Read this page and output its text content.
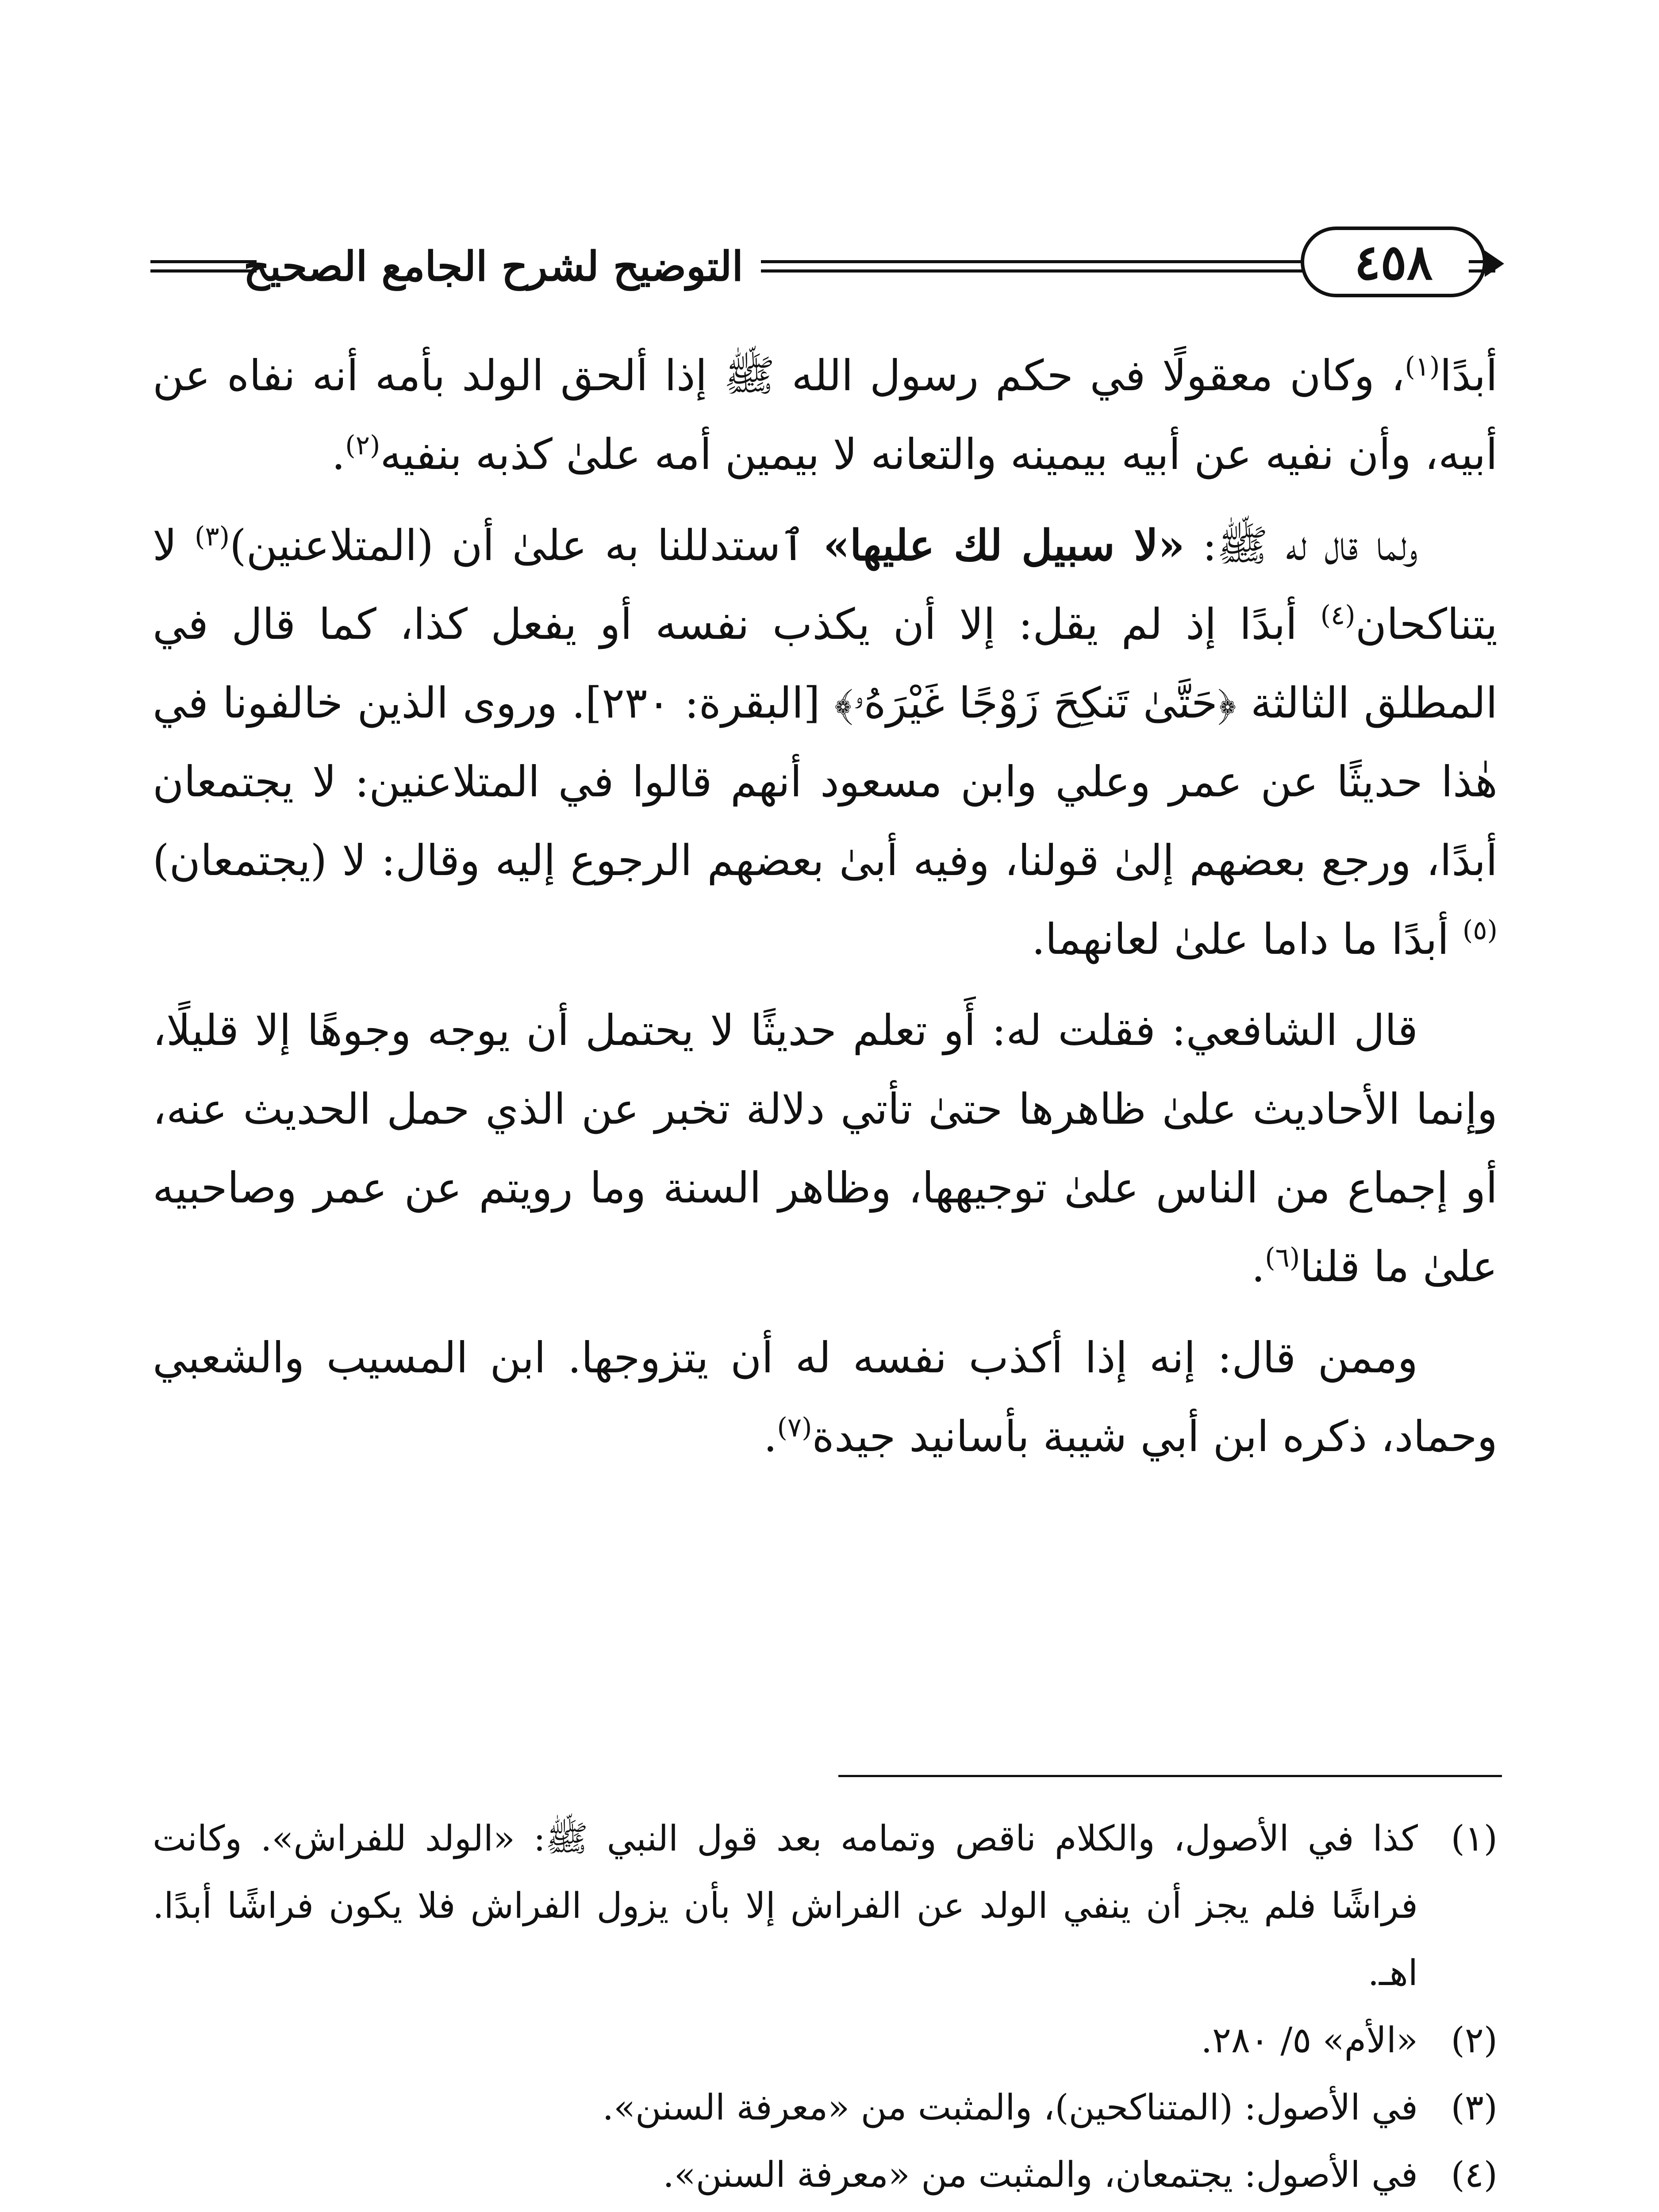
التوضيح لشرح الجامع الصحيح	٤٥٨

أبدًا$^{(١)}$، وكان معقولًا في حكم رسول الله ﷺ إذا ألحق الولد بأمه أنه نفاه عن أبيه، وأن نفيه عن أبيه بيمينه والتعانه لا بيمين أمه علىٰ كذبه بنفيه$^{(٢)}$.

ولما قال له ﷺ: «لا سبيل لك عليها» ٱستدللنا به علىٰ أن (المتلاعنين)$^{(٣)}$ لا يتناكحان$^{(٤)}$ أبدًا إذ لم يقل: إلا أن يكذب نفسه أو يفعل كذا، كما قال في المطلق الثالثة ﴿حَتَّىٰ تَنكِحَ زَوْجًا غَيْرَهُۥ﴾ [البقرة: ٢٣٠]. وروى الذين خالفونا في هٰذا حديثًا عن عمر وعلي وابن مسعود أنهم قالوا في المتلاعنين: لا يجتمعان أبدًا، ورجع بعضهم إلىٰ قولنا، وفيه أبىٰ بعضهم الرجوع إليه وقال: لا (يجتمعان)$^{(٥)}$ أبدًا ما داما علىٰ لعانهما.

قال الشافعي: فقلت له: أَو تعلم حديثًا لا يحتمل أن يوجه وجوهًا إلا قليلًا، وإنما الأحاديث علىٰ ظاهرها حتىٰ تأتي دلالة تخبر عن الذي حمل الحديث عنه، أو إجماع من الناس علىٰ توجيهها، وظاهر السنة وما رويتم عن عمر وصاحبيه علىٰ ما قلنا$^{(٦)}$.

وممن قال: إنه إذا أكذب نفسه له أن يتزوجها. ابن المسيب والشعبي وحماد، ذكره ابن أبي شيبة بأسانيد جيدة$^{(٧)}$.

(١)
كذا في الأصول، والكلام ناقص وتمامه بعد قول النبي ﷺ: «الولد للفراش». وكانت فراشًا فلم يجز أن ينفي الولد عن الفراش إلا بأن يزول الفراش فلا يكون فراشًا أبدًا. اهـ.
(٢)
«الأم» ٥/ ٢٨٠.
(٣)
في الأصول: (المتناكحين)، والمثبت من «معرفة السنن».
(٤)
في الأصول: يجتمعان، والمثبت من «معرفة السنن».
